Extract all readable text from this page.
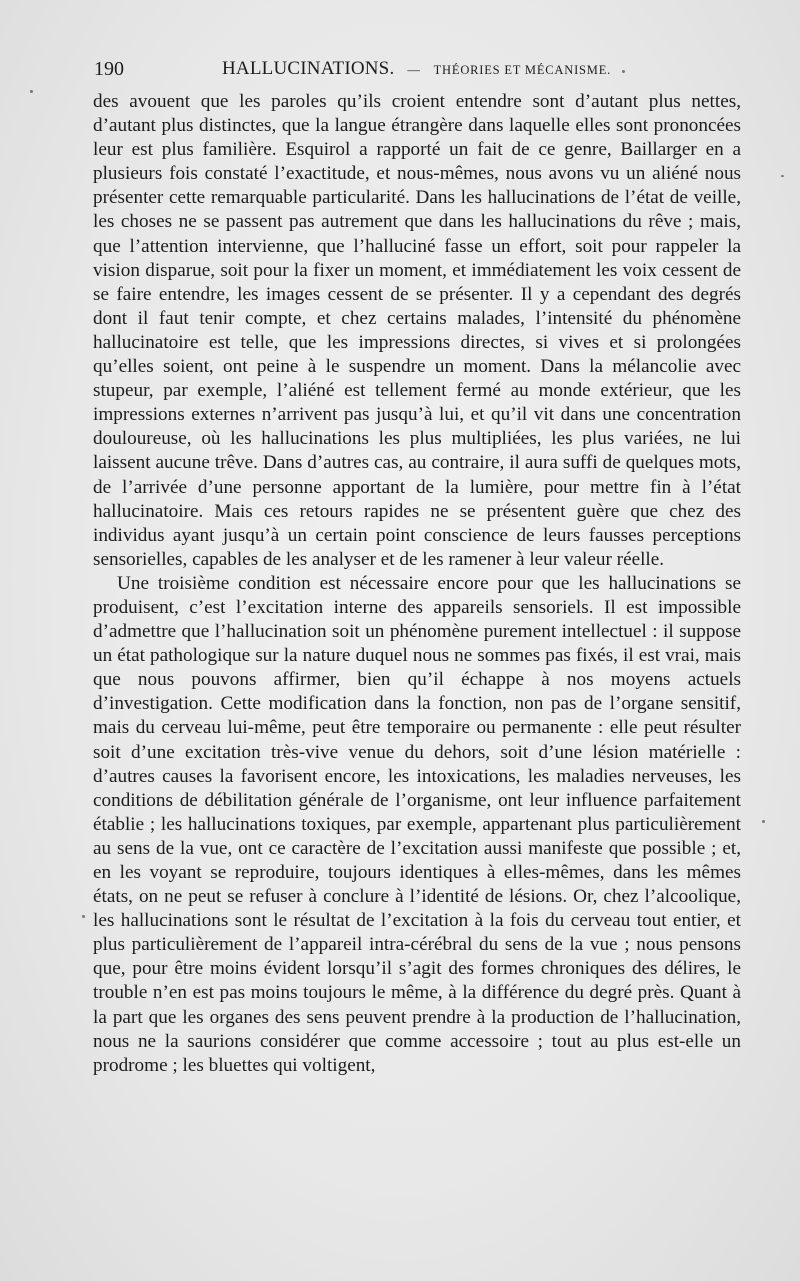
190	HALLUCINATIONS. — THÉORIES ET MÉCANISME.

des avouent que les paroles qu’ils croient entendre sont d’autant plus nettes, d’autant plus distinctes, que la langue étrangère dans laquelle elles sont prononcées leur est plus familière. Esquirol a rapporté un fait de ce genre, Baillarger en a plusieurs fois constaté l’exactitude, et nous-mêmes, nous avons vu un aliéné nous présenter cette remarquable particularité. Dans les hallucinations de l’état de veille, les choses ne se passent pas autrement que dans les hallucinations du rêve ; mais, que l’attention intervienne, que l’halluciné fasse un effort, soit pour rappeler la vision disparue, soit pour la fixer un moment, et immédiatement les voix cessent de se faire entendre, les images cessent de se présenter. Il y a cependant des degrés dont il faut tenir compte, et chez certains malades, l’intensité du phénomène hallucinatoire est telle, que les impressions directes, si vives et si prolongées qu’elles soient, ont peine à le suspendre un moment. Dans la mélancolie avec stupeur, par exemple, l’aliéné est tellement fermé au monde extérieur, que les impressions externes n’arrivent pas jusqu’à lui, et qu’il vit dans une concentration douloureuse, où les hallucinations les plus multipliées, les plus variées, ne lui laissent aucune trêve. Dans d’autres cas, au contraire, il aura suffi de quelques mots, de l’arrivée d’une personne apportant de la lumière, pour mettre fin à l’état hallucinatoire. Mais ces retours rapides ne se présentent guère que chez des individus ayant jusqu’à un certain point conscience de leurs fausses perceptions sensorielles, capables de les analyser et de les ramener à leur valeur réelle.

Une troisième condition est nécessaire encore pour que les hallucinations se produisent, c’est l’excitation interne des appareils sensoriels. Il est impossible d’admettre que l’hallucination soit un phénomène purement intellectuel : il suppose un état pathologique sur la nature duquel nous ne sommes pas fixés, il est vrai, mais que nous pouvons affirmer, bien qu’il échappe à nos moyens actuels d’investigation. Cette modification dans la fonction, non pas de l’organe sensitif, mais du cerveau lui-même, peut être temporaire ou permanente : elle peut résulter soit d’une excitation très-vive venue du dehors, soit d’une lésion matérielle : d’autres causes la favorisent encore, les intoxications, les maladies nerveuses, les conditions de débilitation générale de l’organisme, ont leur influence parfaitement établie ; les hallucinations toxiques, par exemple, appartenant plus particulièrement au sens de la vue, ont ce caractère de l’excitation aussi manifeste que possible ; et, en les voyant se reproduire, toujours identiques à elles-mêmes, dans les mêmes états, on ne peut se refuser à conclure à l’identité de lésions. Or, chez l’alcoolique, les hallucinations sont le résultat de l’excitation à la fois du cerveau tout entier, et plus particulièrement de l’appareil intra-cérébral du sens de la vue ; nous pensons que, pour être moins évident lorsqu’il s’agit des formes chroniques des délires, le trouble n’en est pas moins toujours le même, à la différence du degré près. Quant à la part que les organes des sens peuvent prendre à la production de l’hallucination, nous ne la saurions considérer que comme accessoire ; tout au plus est-elle un prodrome ; les bluettes qui voltigent,
